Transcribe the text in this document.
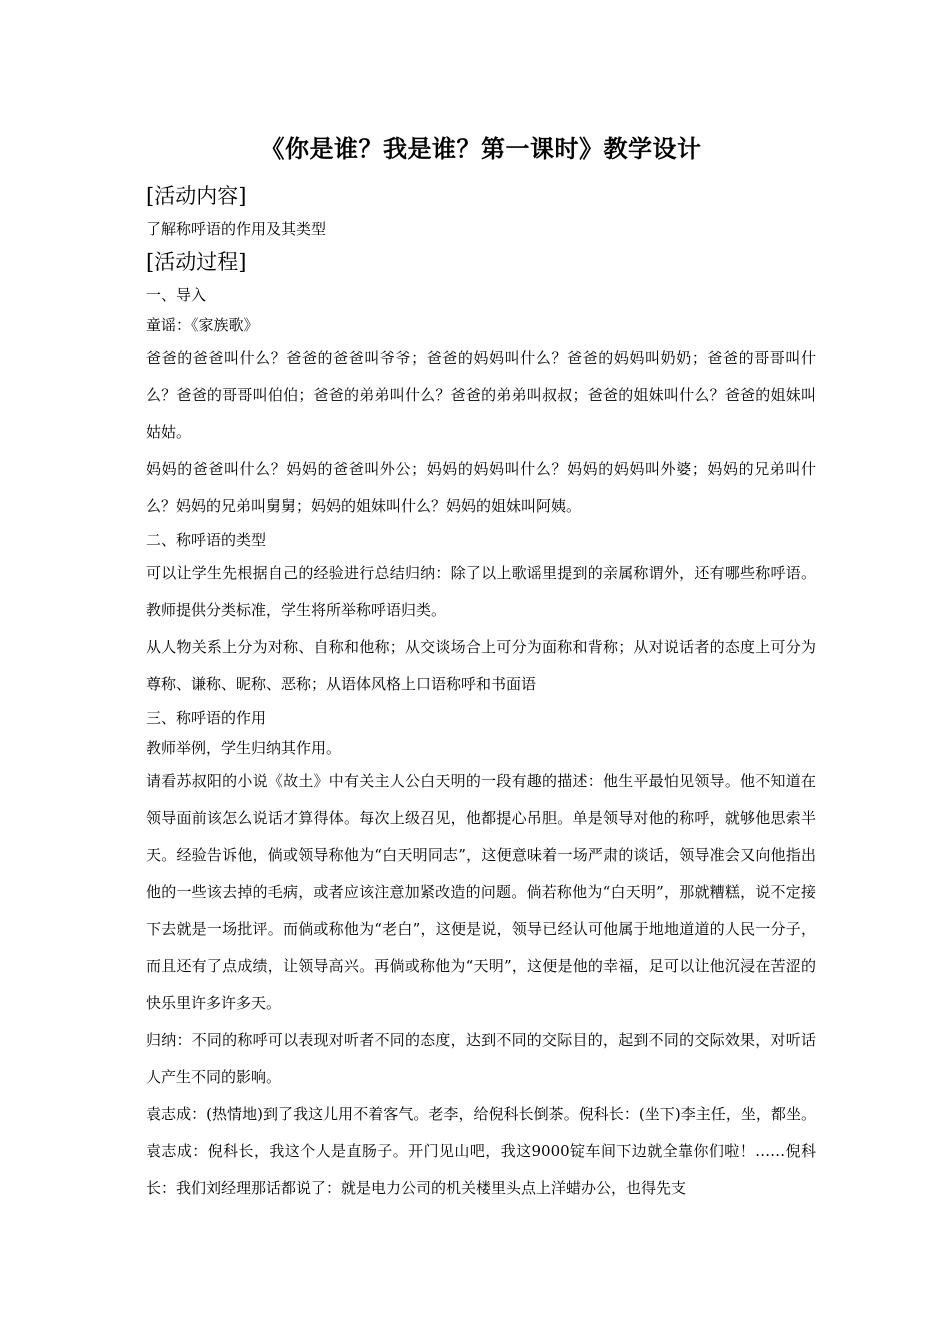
《你是谁？我是谁？第一课时》教学设计
[活动内容]

了解称呼语的作用及其类型

[活动过程]

一、导入

童谣：《家族歌》

爸爸的爸爸叫什么？爸爸的爸爸叫爷爷；爸爸的妈妈叫什么？爸爸的妈妈叫奶奶；爸爸的哥哥叫什么？爸爸的哥哥叫伯伯；爸爸的弟弟叫什么？爸爸的弟弟叫叔叔；爸爸的姐妹叫什么？爸爸的姐妹叫姑姑。

妈妈的爸爸叫什么？妈妈的爸爸叫外公；妈妈的妈妈叫什么？妈妈的妈妈叫外婆；妈妈的兄弟叫什么？妈妈的兄弟叫舅舅；妈妈的姐妹叫什么？妈妈的姐妹叫阿姨。

二、称呼语的类型

可以让学生先根据自己的经验进行总结归纳：除了以上歌谣里提到的亲属称谓外，还有哪些称呼语。教师提供分类标准，学生将所举称呼语归类。

从人物关系上分为对称、自称和他称；从交谈场合上可分为面称和背称；从对说话者的态度上可分为尊称、谦称、昵称、恶称；从语体风格上口语称呼和书面语

三、称呼语的作用

教师举例，学生归纳其作用。

请看苏叔阳的小说《故土》中有关主人公白天明的一段有趣的描述：他生平最怕见领导。他不知道在领导面前该怎么说话才算得体。每次上级召见，他都提心吊胆。单是领导对他的称呼，就够他思索半天。经验告诉他，倘或领导称他为“白天明同志”，这便意味着一场严肃的谈话，领导准会又向他指出他的一些该去掉的毛病，或者应该注意加紧改造的问题。倘若称他为“白天明”，那就糟糕，说不定接下去就是一场批评。而倘或称他为“老白”，这便是说，领导已经认可他属于地地道道的人民一分子，而且还有了点成绩，让领导高兴。再倘或称他为“天明”，这便是他的幸福，足可以让他沉浸在苦涩的快乐里许多许多天。

归纳：不同的称呼可以表现对听者不同的态度，达到不同的交际目的，起到不同的交际效果，对听话人产生不同的影响。

袁志成：(热情地)到了我这儿用不着客气。老李，给倪科长倒茶。倪科长：(坐下)李主任，坐，都坐。袁志成：倪科长，我这个人是直肠子。开门见山吧，我这9000锭车间下边就全靠你们啦！……倪科长：我们刘经理那话都说了：就是电力公司的机关楼里头点上洋蜡办公，也得先支
